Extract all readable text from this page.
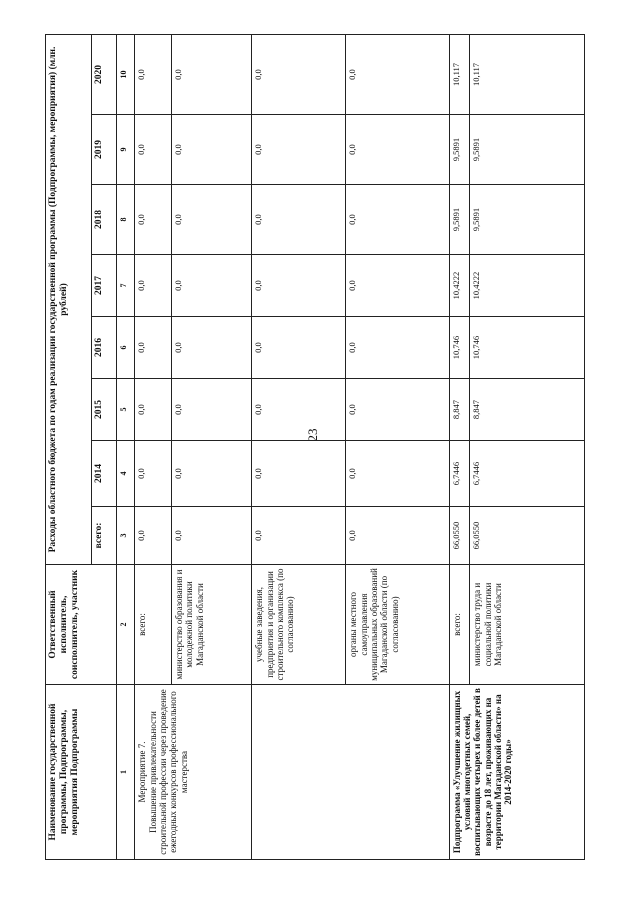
23
Наименование государственной программы, Подпрограммы, мероприятия Подпрограммы	Ответственный исполнитель, соисполнитель, участник	Расходы областного бюджета по годам реализации государственной программы (Подпрограммы, мероприятия) (млн. рублей)							
		всего:	2014	2015	2016	2017	2018	2019	2020
1	2	3	4	5	6	7	8	9	10

Мероприятие 7. Повышение привлекательности строительной профессии через проведение ежегодных конкурсов профессионального мастерства	всего:	0,0	0,0	0,0	0,0	0,0	0,0	0,0	0,0
	министерство образования и молодежной политики Магаданской области	0,0	0,0	0,0	0,0	0,0	0,0	0,0	0,0
	учебные заведения, предприятия и организации строительного комплекса (по согласованию)	0,0	0,0	0,0	0,0	0,0	0,0	0,0	0,0
	органы местного самоуправления муниципальных образований Магаданской области (по согласованию)	0,0	0,0	0,0	0,0	0,0	0,0	0,0	0,0
Подпрограмма «Улучшение жилищных условий многодетных семей, воспитывающих четырех и более детей в возрасте до 18 лет, проживающих на территории Магаданской области» на 2014-2020 годы»	всего:	66,0550	6,7446	8,847	10,746	10,4222	9,5891	9,5891	10,117
	министерство труда и социальной политики Магаданской области	66,0550	6,7446	8,847	10,746	10,4222	9,5891	9,5891	10,117
